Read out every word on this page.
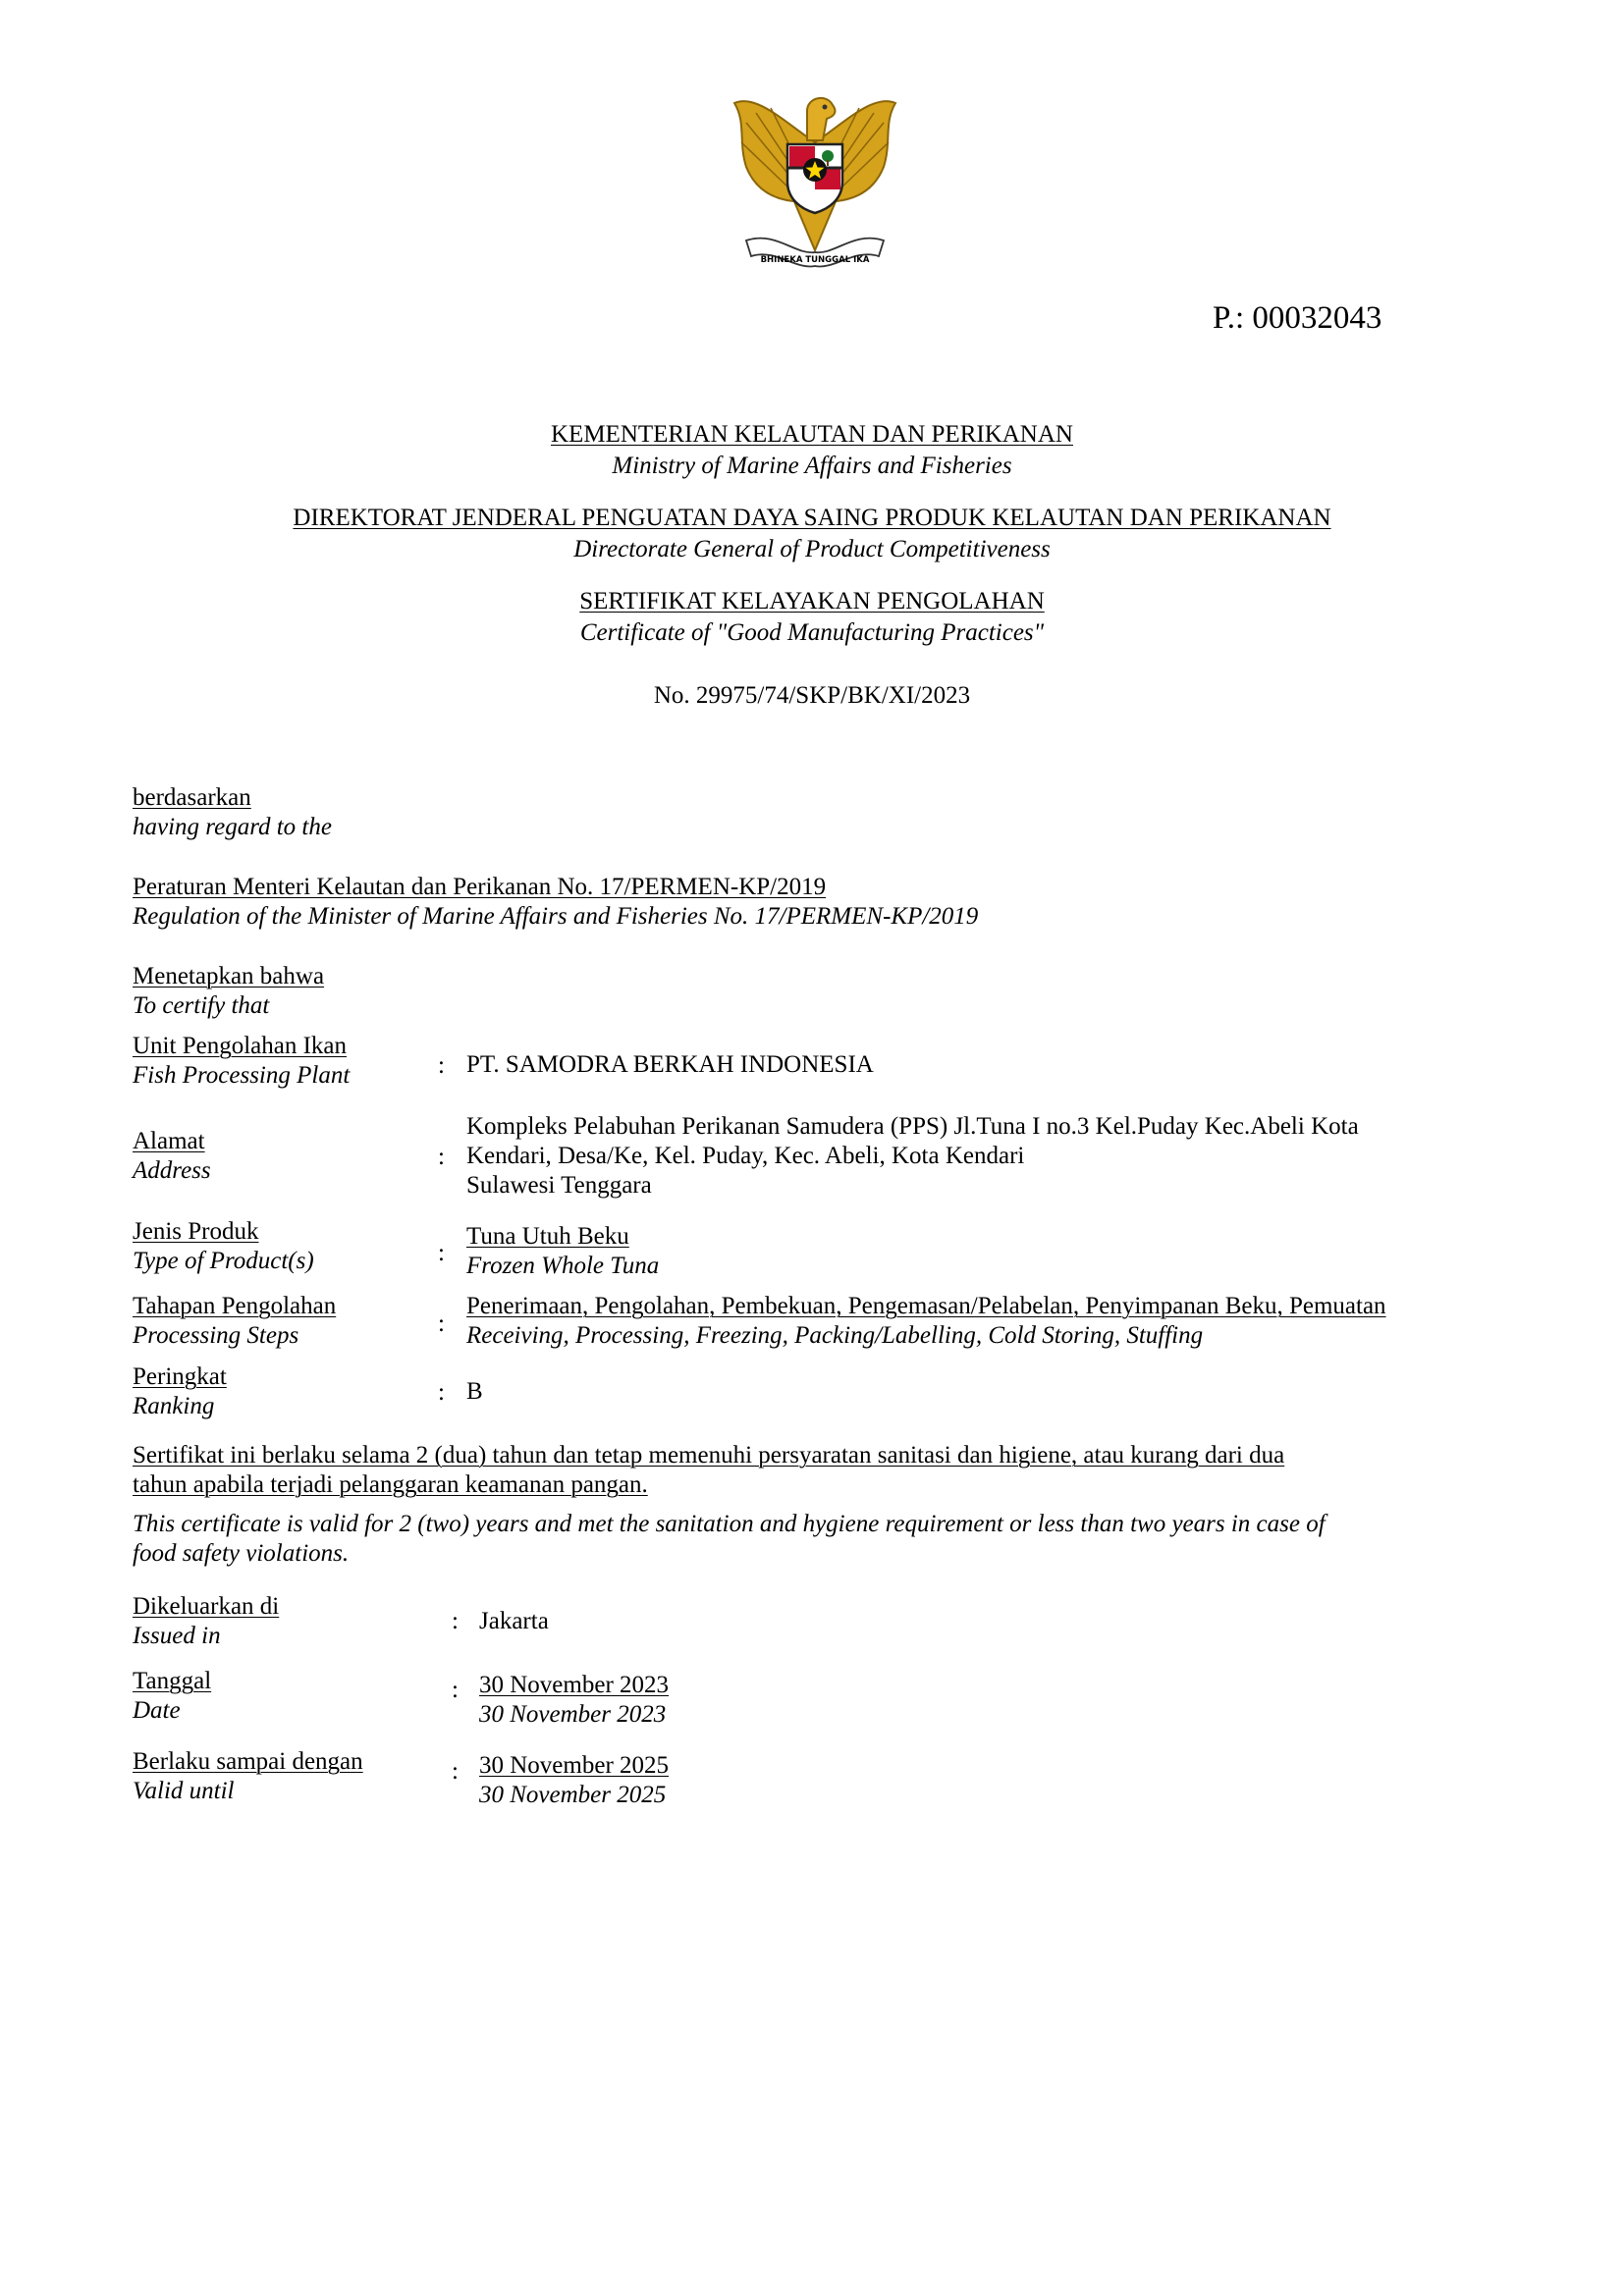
BHINEKA TUNGGAL IKA
P.: 00032043
KEMENTERIAN KELAUTAN DAN PERIKANAN
Ministry of Marine Affairs and Fisheries
DIREKTORAT JENDERAL PENGUATAN DAYA SAING PRODUK KELAUTAN DAN PERIKANAN
Directorate General of Product Competitiveness
SERTIFIKAT KELAYAKAN PENGOLAHAN
Certificate of "Good Manufacturing Practices"
No. 29975/74/SKP/BK/XI/2023
berdasarkan
having regard to the
Peraturan Menteri Kelautan dan Perikanan No. 17/PERMEN-KP/2019
Regulation of the Minister of Marine Affairs and Fisheries No. 17/PERMEN-KP/2019
Menetapkan bahwa
To certify that
Unit Pengolahan Ikan
Fish Processing Plant	: PT. SAMODRA BERKAH INDONESIA
Alamat
Address
:
Kompleks Pelabuhan Perikanan Samudera (PPS) Jl.Tuna I no.3 Kel.Puday Kec.Abeli Kota
Kendari, Desa/Ke, Kel. Puday, Kec. Abeli, Kota Kendari
Sulawesi Tenggara
Jenis Produk
Type of Product(s)	:
Tuna Utuh Beku
Frozen Whole Tuna
Tahapan Pengolahan
Processing Steps	:
Penerimaan, Pengolahan, Pembekuan, Pengemasan/Pelabelan, Penyimpanan Beku, Pemuatan
Receiving, Processing, Freezing, Packing/Labelling, Cold Storing, Stuffing
Peringkat
Ranking
: B
Sertifikat ini berlaku selama 2 (dua) tahun dan tetap memenuhi persyaratan sanitasi dan higiene, atau kurang dari dua
tahun apabila terjadi pelanggaran keamanan pangan.
This certificate is valid for 2 (two) years and met the sanitation and hygiene requirement or less than two years in case of
food safety violations.
Dikeluarkan di
Issued in
: Jakarta
Tanggal
Date
: 30 November 2023
30 November 2023
Berlaku sampai dengan
Valid until
: 30 November 2025
30 November 2025
